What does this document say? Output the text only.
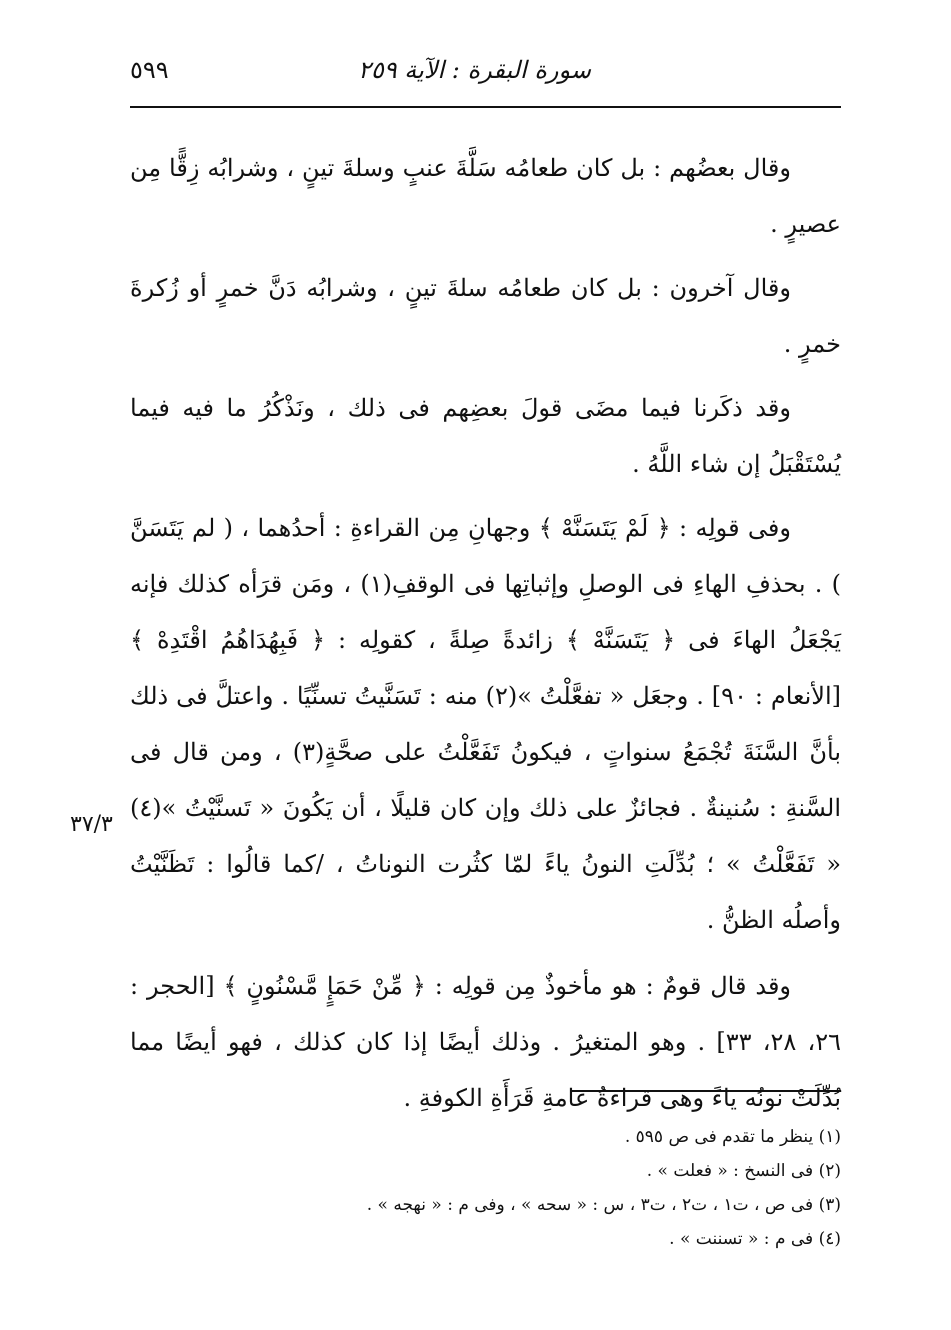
سورة البقرة : الآية ٢٥٩
٥٩٩

وقال بعضُهم : بل كان طعامُه سَلَّةَ عنبٍ وسلةَ تينٍ ، وشرابُه زِقًّا مِن عصيرٍ .

وقال آخرون : بل كان طعامُه سلةَ تينٍ ، وشرابُه دَنَّ خمرٍ أو زُكرةَ خمرٍ .

وقد ذكَرنا فيما مضَى قولَ بعضِهم فى ذلك ، ونَذْكُرُ ما فيه فيما يُسْتَقْبَلُ إن شاء اللَّهُ .

وفى قولِه : ﴿ لَمْ يَتَسَنَّهْ ﴾ وجهانِ مِن القراءةِ : أحدُهما ، ( لم يَتَسَنَّ ) . بحذفِ الهاءِ فى الوصلِ وإثباتِها فى الوقفِ(١) ، ومَن قرَأه كذلك فإنه يَجْعَلُ الهاءَ فى ﴿ يَتَسَنَّهْ ﴾ زائدةً صِلةً ، كقولِه : ﴿ فَبِهُدَاهُمُ اقْتَدِهْ ﴾ [الأنعام : ٩٠] . وجعَل « تفعَّلْتُ »(٢) منه : تَسَنَّيتُ تسنِّيًا . واعتلَّ فى ذلك بأنَّ السَّنَةَ تُجْمَعُ سنواتٍ ، فيكونُ تَفَعَّلْتُ على صحَّةٍ(٣) ، ومن قال فى السَّنةِ : سُنينةٌ . فجائزٌ على ذلك وإن كان قليلًا ، أن يَكُونَ « تَسنَّيْتُ »(٤) « تَفَعَّلْتُ » ؛ بُدِّلَتِ النونُ ياءً لمّا كثُرت النوناتُ ، /كما قالُوا : تَظَنَّيْتُ وأصلُه الظنُّ .

وقد قال قومٌ : هو مأخوذٌ مِن قولِه : ﴿ مِّنْ حَمَإٍ مَّسْنُونٍ ﴾ [الحجر : ٢٦، ٢٨، ٣٣] . وهو المتغيرُ . وذلك أيضًا إذا كان كذلك ، فهو أيضًا مما بُدِّلَتْ نونُه ياءً وهى قراءةُ عامةِ قَرَأَةِ الكوفةِ .

٣٧/٣
(١) ينظر ما تقدم فى ص ٥٩٥ .
(٢) فى النسخ : « فعلت » .
(٣) فى ص ، ت١ ، ت٢ ، ت٣ ، س : « سحه » ، وفى م : « نهجه » .
(٤) فى م : « تسننت » .
